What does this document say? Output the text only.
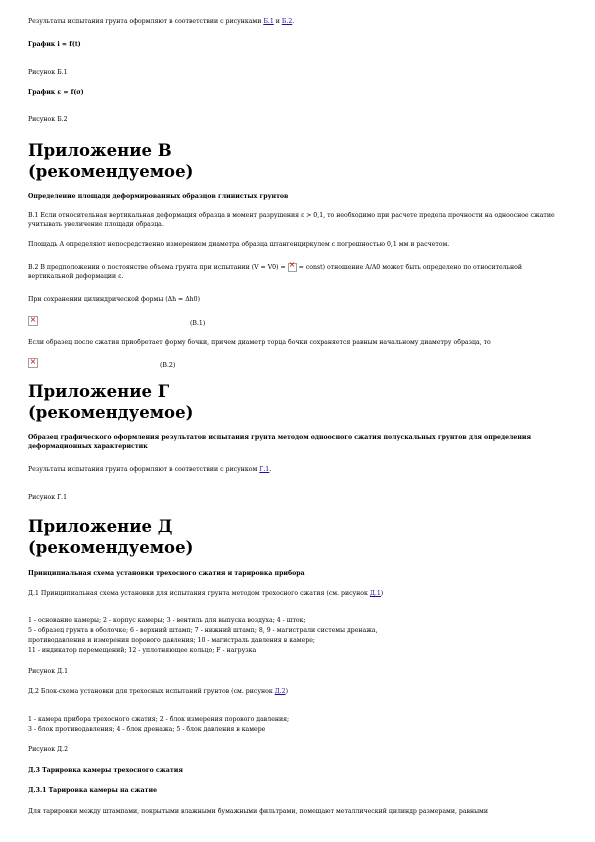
Результаты испытания грунта оформляют в соответствии с рисунками Б.1 и Б.2.
График i = f(t)
Рисунок Б.1
График ε = f(σ)
Рисунок Б.2
Приложение В
(рекомендуемое)
Определение площади деформированных образцов глинистых грунтов
В.1 Если относительная вертикальная деформация образца в момент разрушения ε > 0,1, то необходимо при расчете предела прочности на одноосное сжатие учитывать увеличение площади образца.
Площадь A определяют непосредственно измерением диаметра образца штангенциркулем с погрешностью 0,1 мм и расчетом.
В.2 В предположении о постоянстве объема грунта при испытании (V = V0) = × = const) отношение A/A0 может быть определено по относительной вертикальной деформации ε.
При сохранении цилиндрической формы (Δh = Δh0)
×
(В.1)
Если образец после сжатия приобретает форму бочки, причем диаметр торца бочки сохраняется равным начальному диаметру образца, то
×
(В.2)
Приложение Г
(рекомендуемое)
Образец графического оформления результатов испытания грунта методом одноосного сжатия полускальных грунтов для определения деформационных характеристик
Результаты испытания грунта оформляют в соответствии с рисунком Г.1.
Рисунок Г.1
Приложение Д
(рекомендуемое)
Принципиальная схема установки трехосного сжатия и тарировка прибора
Д.1 Принципиальная схема установки для испытания грунта методом трехосного сжатия (см. рисунок Д.1)
1 - основание камеры; 2 - корпус камеры; 3 - вентиль для выпуска воздуха; 4 - шток;
5 - образец грунта в оболочке; 6 - верхний штамп; 7 - нижний штамп; 8, 9 - магистрали системы дренажа,
противодавления и измерения порового давления; 10 - магистраль давления в камере;
11 - индикатор перемещений; 12 - уплотняющее кольцо; F - нагрузка
Рисунок Д.1
Д.2 Блок-схема установки для трехосных испытаний грунтов (см. рисунок Д.2)
1 - камера прибора трехосного сжатия; 2 - блок измерения порового давления;
3 - блок противодавления; 4 - блок дренажа; 5 - блок давления в камере
Рисунок Д.2
Д.3 Тарировка камеры трехосного сжатия
Д.3.1 Тарировка камеры на сжатие
Для тарировки между штампами, покрытыми влажными бумажными фильтрами, помещают металлический цилиндр размерами, равными
